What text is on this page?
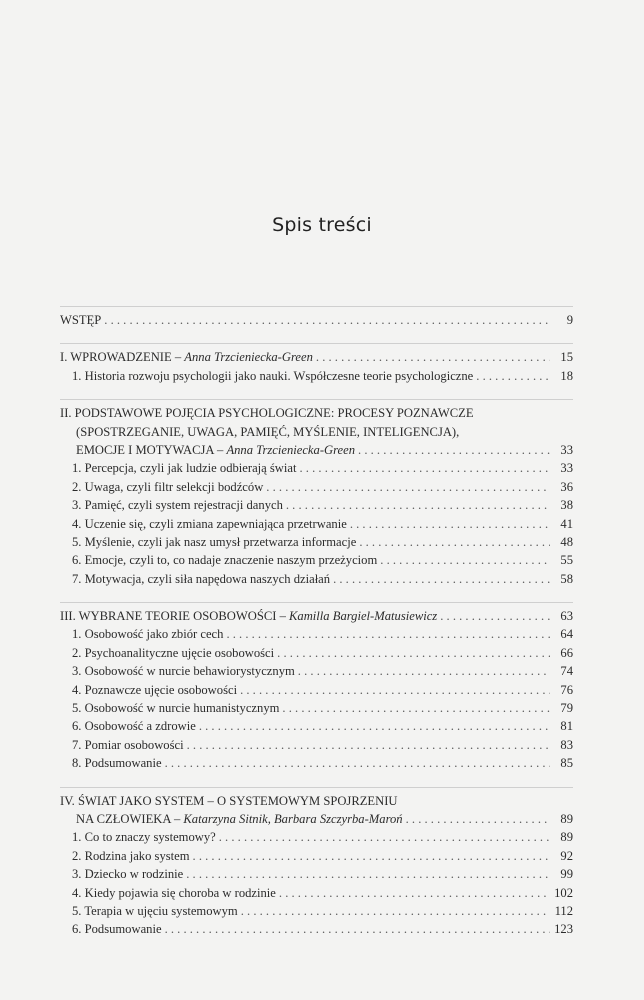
Spis treści
WSTĘP . . .	9
I. WPROWADZENIE – Anna Trzcieniecka-Green . . .	15
1. Historia rozwoju psychologii jako nauki. Współczesne teorie psychologiczne . . .	18
II. PODSTAWOWE POJĘCIA PSYCHOLOGICZNE: PROCESY POZNAWCZE
(SPOSTRZEGANIE, UWAGA, PAMIĘĆ, MYŚLENIE, INTELIGENCJA),
EMOCJE I MOTYWACJA – Anna Trzcieniecka-Green . . .	33
1. Percepcja, czyli jak ludzie odbierają świat . . .	33
2. Uwaga, czyli filtr selekcji bodźców . . .	36
3. Pamięć, czyli system rejestracji danych . . .	38
4. Uczenie się, czyli zmiana zapewniająca przetrwanie . . .	41
5. Myślenie, czyli jak nasz umysł przetwarza informacje . . .	48
6. Emocje, czyli to, co nadaje znaczenie naszym przeżyciom . . .	55
7. Motywacja, czyli siła napędowa naszych działań . . .	58
III. WYBRANE TEORIE OSOBOWOŚCI – Kamilla Bargiel-Matusiewicz . . .	63
1. Osobowość jako zbiór cech . . .	64
2. Psychoanalityczne ujęcie osobowości . . .	66
3. Osobowość w nurcie behawiorystycznym . . .	74
4. Poznawcze ujęcie osobowości . . .	76
5. Osobowość w nurcie humanistycznym . . .	79
6. Osobowość a zdrowie . . .	81
7. Pomiar osobowości . . .	83
8. Podsumowanie . . .	85
IV. ŚWIAT JAKO SYSTEM – O SYSTEMOWYM SPOJRZENIU
NA CZŁOWIEKA – Katarzyna Sitnik, Barbara Szczyrba-Maroń . . .	89
1. Co to znaczy systemowy? . . .	89
2. Rodzina jako system . . .	92
3. Dziecko w rodzinie . . .	99
4. Kiedy pojawia się choroba w rodzinie . . .	102
5. Terapia w ujęciu systemowym . . .	112
6. Podsumowanie . . .	123
